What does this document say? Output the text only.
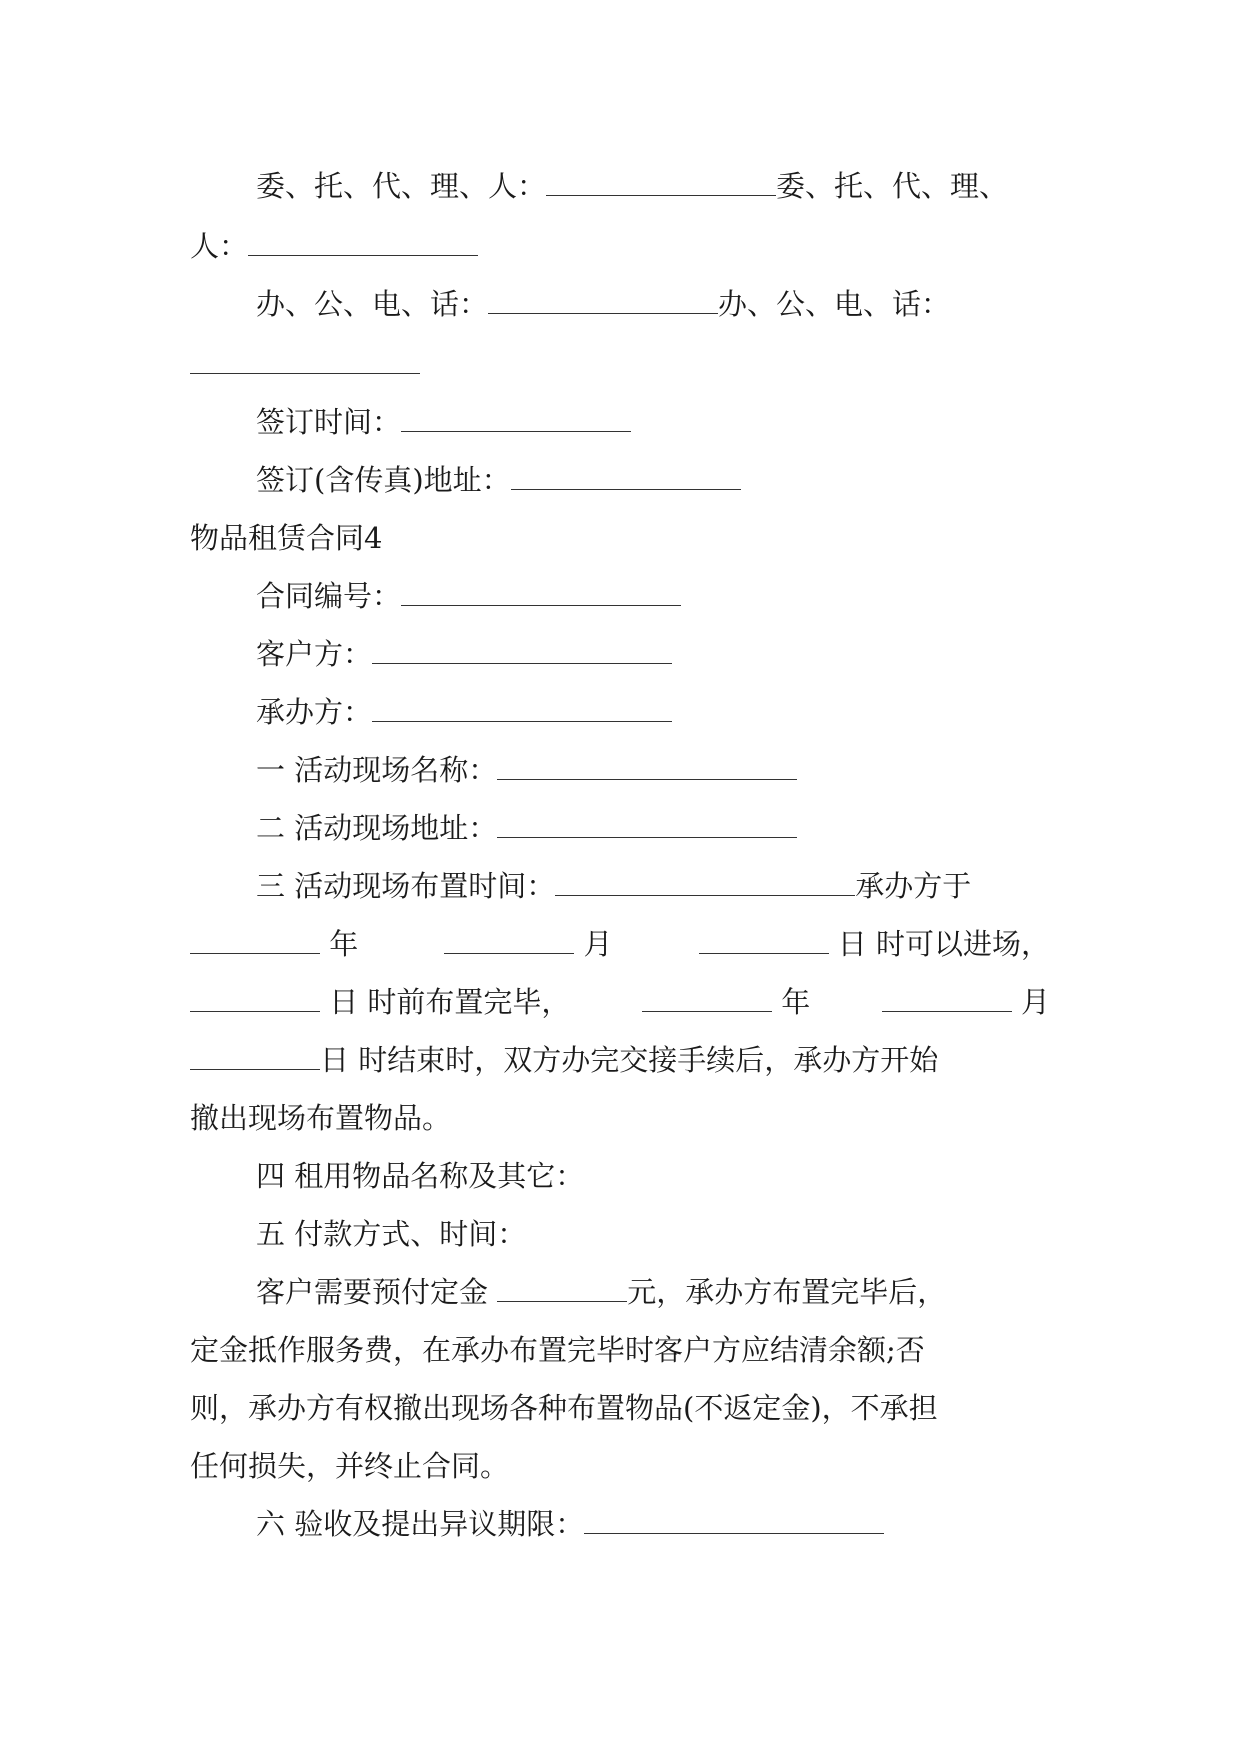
委、托、代、理、人：	委、托、代、理、
人：
办、公、电、话：	办、公、电、话：
签订时间：
签订(含传真)地址：
物品租赁合同4
合同编号：
客户方：
承办方：
一 活动现场名称：
二 活动现场地址：
三 活动现场布置时间：	承办方于
年	月	日 时可以进场，
日 时前布置完毕，	年	月
日 时结束时，双方办完交接手续后，承办方开始
撤出现场布置物品。
四 租用物品名称及其它：
五 付款方式、时间：
客户需要预付定金	元，承办方布置完毕后，
定金抵作服务费，在承办布置完毕时客户方应结清余额;否
则，承办方有权撤出现场各种布置物品(不返定金)，不承担
任何损失，并终止合同。
六 验收及提出异议期限：
